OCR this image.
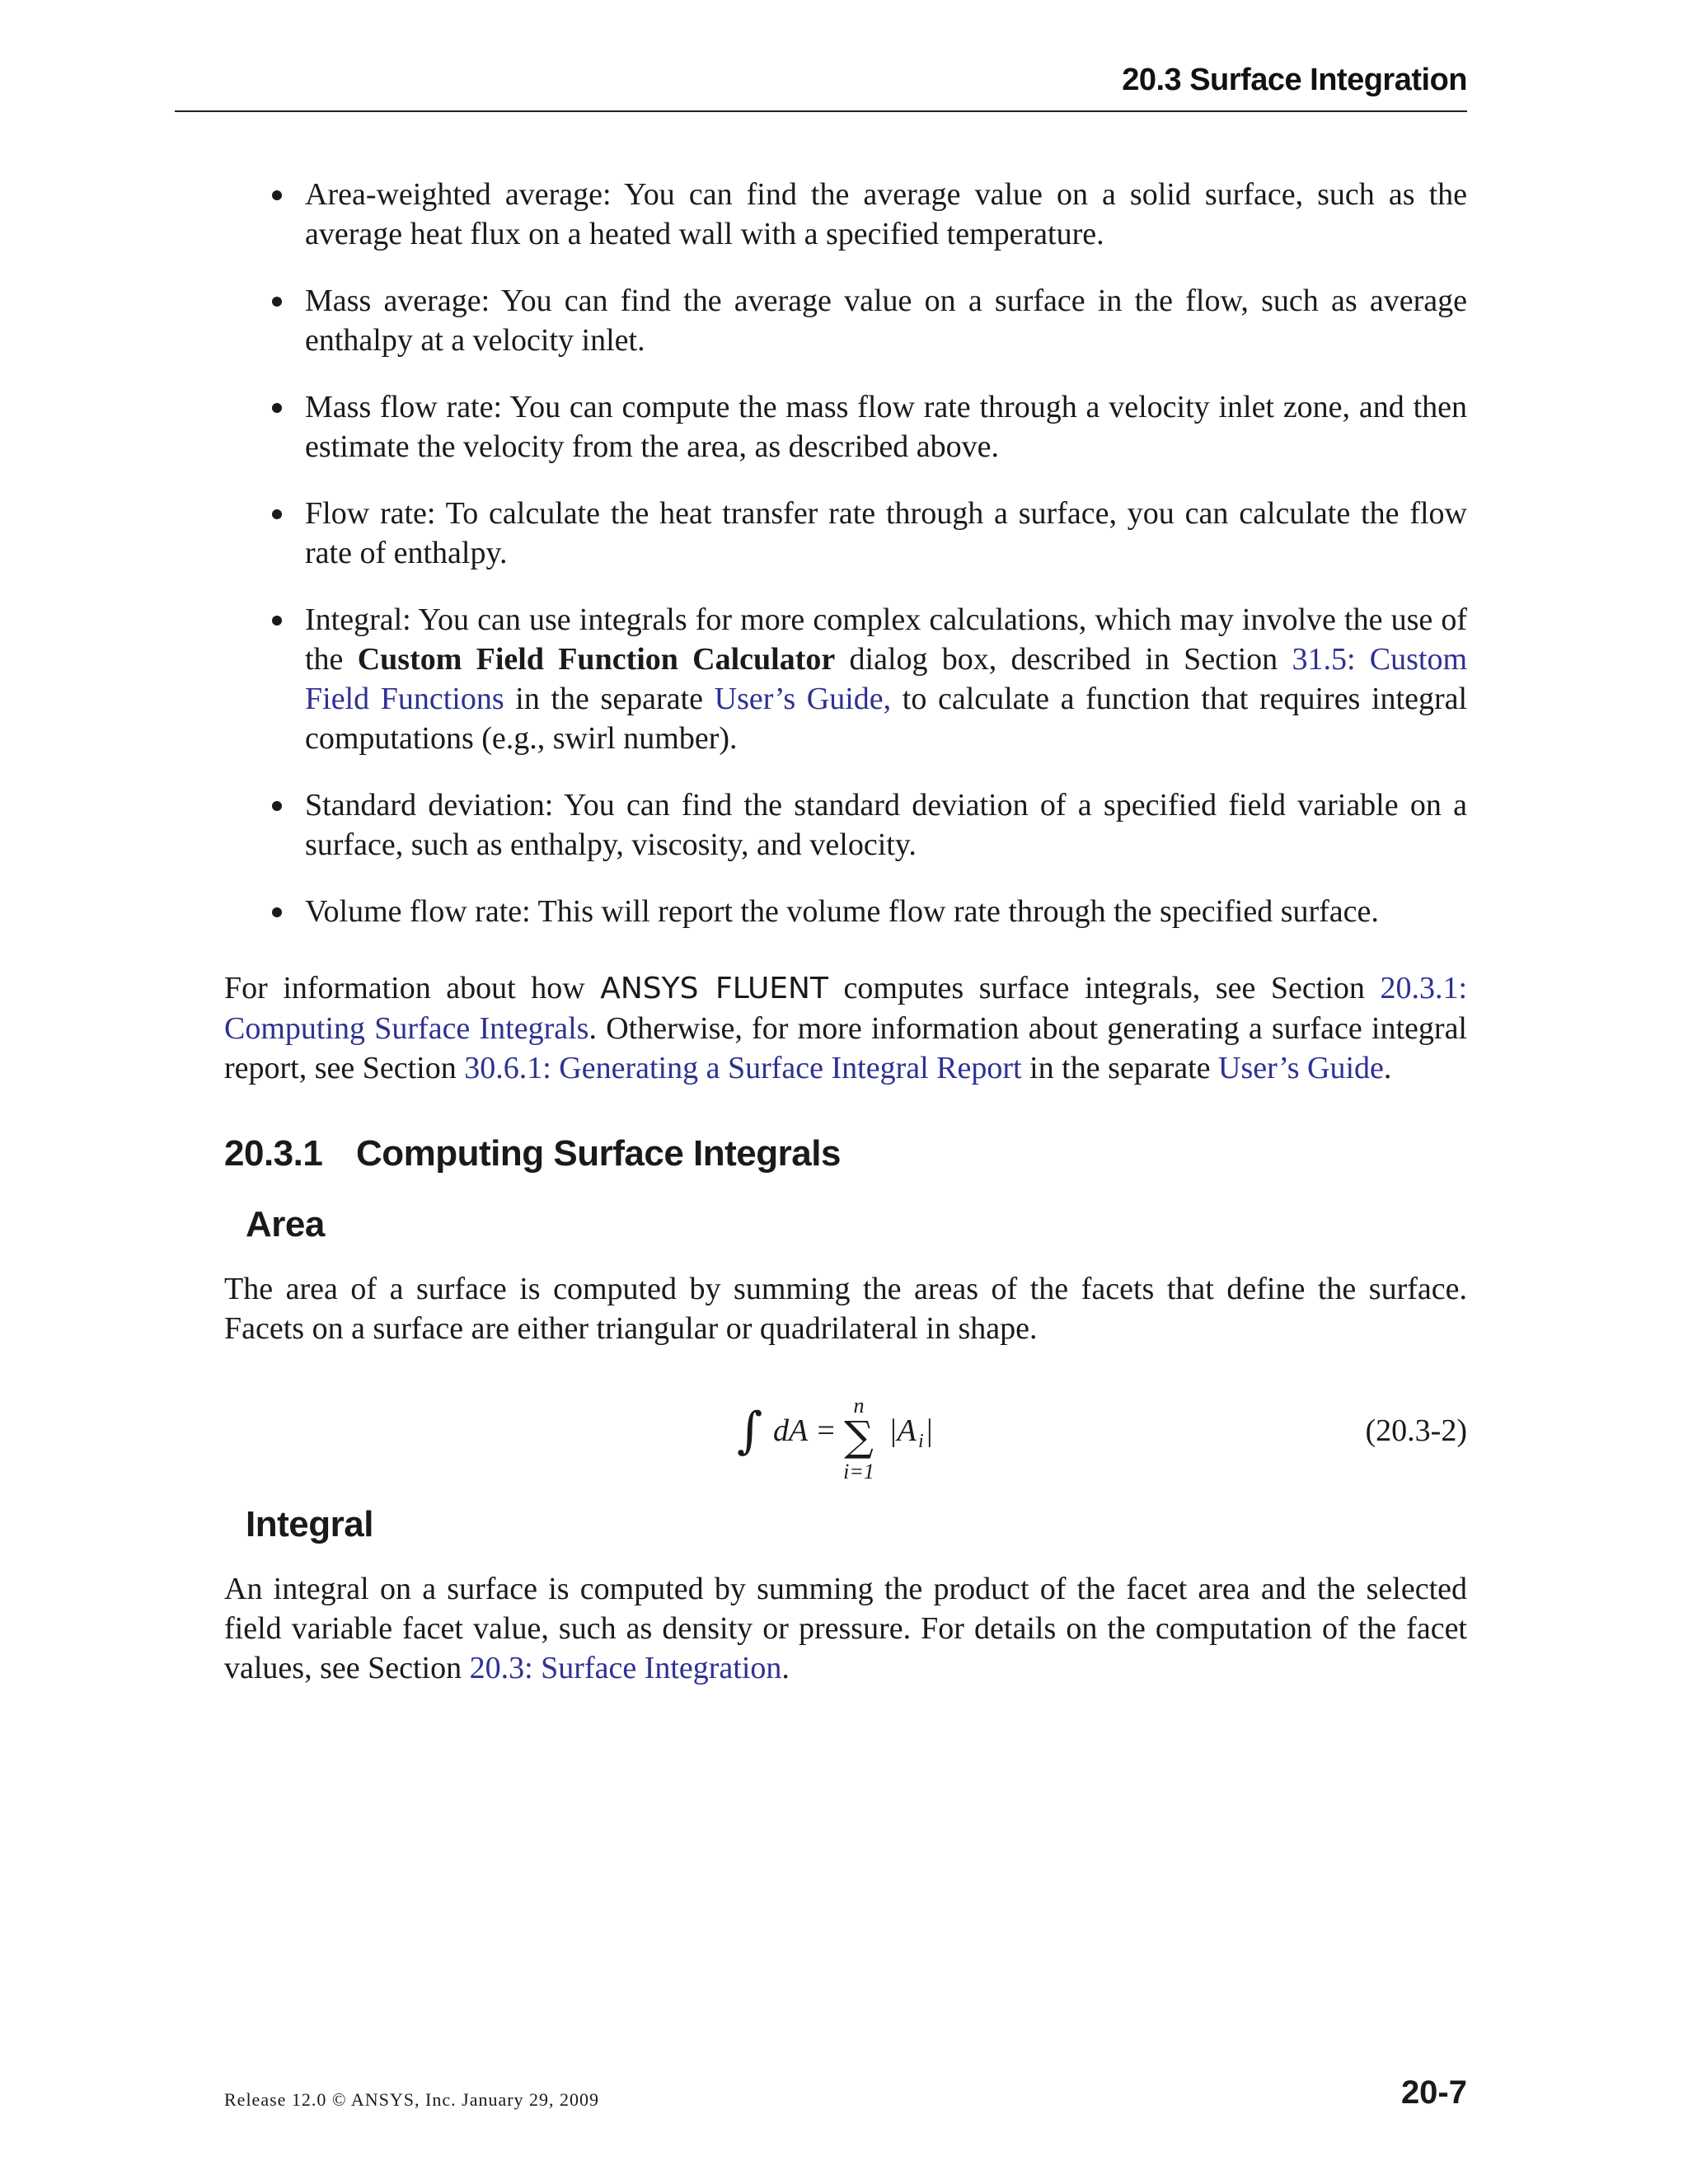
20.3 Surface Integration
Area-weighted average: You can find the average value on a solid surface, such as the average heat flux on a heated wall with a specified temperature.
Mass average: You can find the average value on a surface in the flow, such as average enthalpy at a velocity inlet.
Mass flow rate: You can compute the mass flow rate through a velocity inlet zone, and then estimate the velocity from the area, as described above.
Flow rate: To calculate the heat transfer rate through a surface, you can calculate the flow rate of enthalpy.
Integral: You can use integrals for more complex calculations, which may involve the use of the Custom Field Function Calculator dialog box, described in Section 31.5: Custom Field Functions in the separate User’s Guide, to calculate a function that requires integral computations (e.g., swirl number).
Standard deviation: You can find the standard deviation of a specified field variable on a surface, such as enthalpy, viscosity, and velocity.
Volume flow rate: This will report the volume flow rate through the specified surface.

For information about how ANSYS FLUENT computes surface integrals, see Section 20.3.1: Computing Surface Integrals. Otherwise, for more information about generating a surface integral report, see Section 30.6.1: Generating a Surface Integral Report in the separate User’s Guide.

20.3.1 Computing Surface Integrals
Area

The area of a surface is computed by summing the areas of the facets that define the surface. Facets on a surface are either triangular or quadrilateral in shape.

∫ dA =
n
∑
i=1
|A i |	(20.3-2)
Integral

An integral on a surface is computed by summing the product of the facet area and the selected field variable facet value, such as density or pressure. For details on the computation of the facet values, see Section 20.3: Surface Integration.

Release 12.0 © ANSYS, Inc. January 29, 2009	20-7
